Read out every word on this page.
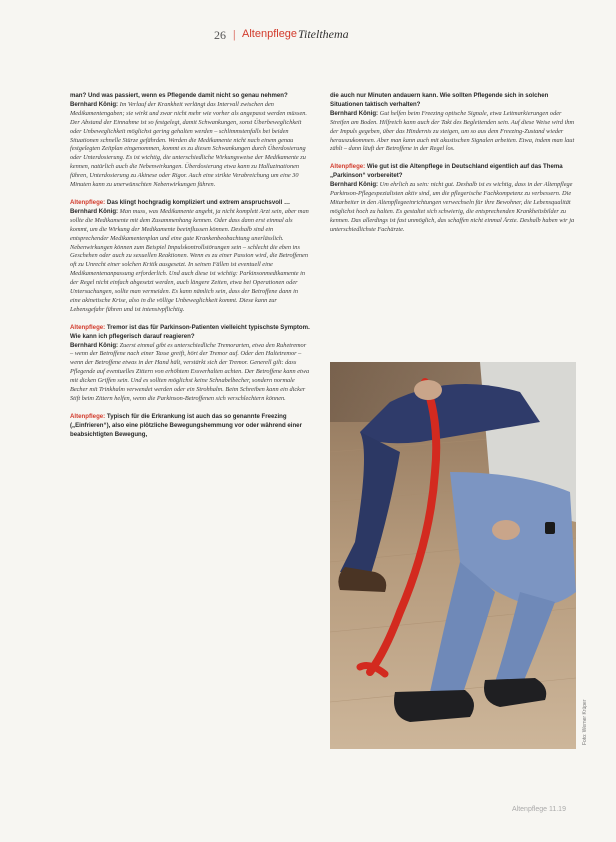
26 | Altenpflege Titelthema

man? Und was passiert, wenn es Pflegende damit nicht so genau nehmen?

Bernhard König: Im Verlauf der Krankheit verlängt das Intervall zwischen den Medikamentengaben; sie wirkt und zwar nicht mehr wie vorher als angepasst werden müssen. Der Abstand der Einnahme ist so festgelegt, damit Schwankungen, sonst Überbeweglichkeit oder Unbeweglichkeit möglichst gering gehalten werden – schlimmstenfalls bei beiden Situationen schnelle Stürze gefährden. Werden die Medikamente nicht nach einem genau festgelegten Zeitplan eingenommen, kommt es zu diesen Schwankungen durch Überdosierung oder Unterdosierung. Es ist wichtig, die unterschiedliche Wirkungsweise der Medikamente zu kennen, natürlich auch die Nebenwirkungen. Überdosierung etwa kann zu Halluzinationen führen, Unterdosierung zu Akinese oder Rigor. Auch eine strikte Verabreichung um eine 30 Minuten kann zu unerwünschten Nebenwirkungen führen.

Altenpflege: Das klingt hochgradig kompliziert und extrem anspruchsvoll …

Bernhard König: Man muss, was Medikamente angeht, ja nicht komplett Arzt sein, aber man sollte die Medikamente mit dem Zusammenhang kennen. Oder dass dann erst einmal als kommt, um die Wirkung der Medikamente beeinflussen können. Deshalb sind ein entsprechender Medikamentenplan und eine gute Krankenbeobachtung unerlässlich. Nebenwirkungen können zum Beispiel Impulskontrollstörungen sein – schlecht die eben ins Geschehen oder auch zu sexuellen Reaktionen. Wenn es zu einer Passion wird, die Betroffenen oft zu Unrecht einer solchen Kritik ausgesetzt. In seinen Fällen ist eventuell eine Medikamentenanpassung erforderlich. Und auch diese ist wichtig: Parkinsonmedikamente in der Regel nicht einfach abgesetzt werden, auch längere Zeiten, etwa bei Operationen oder Untersuchungen, sollte man vermeiden. Es kann nämlich sein, dass der Betroffene dann in eine akinetische Krise, also in die völlige Unbeweglichkeit kommt. Diese kann zur Lebensgefahr führen und ist intensivpflichtig.

Altenpflege: Tremor ist das für Parkinson-Patienten vielleicht typischste Symptom. Wie kann ich pflegerisch darauf reagieren?

Bernhard König: Zuerst einmal gibt es unterschiedliche Tremorarten, etwa den Ruhetremor – wenn der Betroffene nach einer Tasse greift, hört der Tremor auf. Oder den Haltetremor – wenn der Betroffene etwas in der Hand hält, verstärkt sich der Tremor. Generell gilt: dass Pflegende auf eventuelles Zittern von erhöhtem Essverhalten achten. Der Betroffene kann etwa mit dicken Griffen sein. Und es sollten möglichst keine Schnabelbecher, sondern normale Becher mit Trinkhalm verwendet werden oder ein Strohhalm. Beim Schreiben kann ein dicker Stift beim Zittern helfen, wenn die Parkinson-Betroffenen sich verschlechtern können.

Altenpflege: Typisch für die Erkrankung ist auch das so genannte Freezing („Einfrieren“), also eine plötzliche Bewegungshemmung vor oder während einer beabsichtigten Bewegung,

die auch nur Minuten andauern kann. Wie sollten Pflegende sich in solchen Situationen taktisch verhalten?

Bernhard König: Gut helfen beim Freezing optische Signale, etwa Leitmarkierungen oder Streifen am Boden. Hilfreich kann auch der Takt des Begleitenden sein. Auf diese Weise wird ihm der Impuls gegeben, über das Hindernis zu steigen, um so aus dem Freezing-Zustand wieder herauszukommen. Aber man kann auch mit akustischen Signalen arbeiten. Etwa, indem man laut zählt – dann läuft der Betroffene in der Regel los.

Altenpflege: Wie gut ist die Altenpflege in Deutschland eigentlich auf das Thema „Parkinson“ vorbereitet?

Bernhard König: Um ehrlich zu sein: nicht gut. Deshalb ist es wichtig, dass in der Altenpflege Parkinson-Pflegespezialisten aktiv sind, um die pflegerische Fachkompetenz zu verbessern. Die Mitarbeiter in den Altenpflegeeinrichtungen verwechseln für ihre Bewohner, die Lebensqualität möglichst hoch zu halten. Es gestaltet sich schwierig, die entsprechenden Krankheitsbilder zu kennen. Das allerdings ist fast unmöglich, das schaffen nicht einmal Ärzte. Deshalb haben wir ja unterschiedlichste Fachärzte.

Foto: Werner Krüper
Altenpflege 11.19
